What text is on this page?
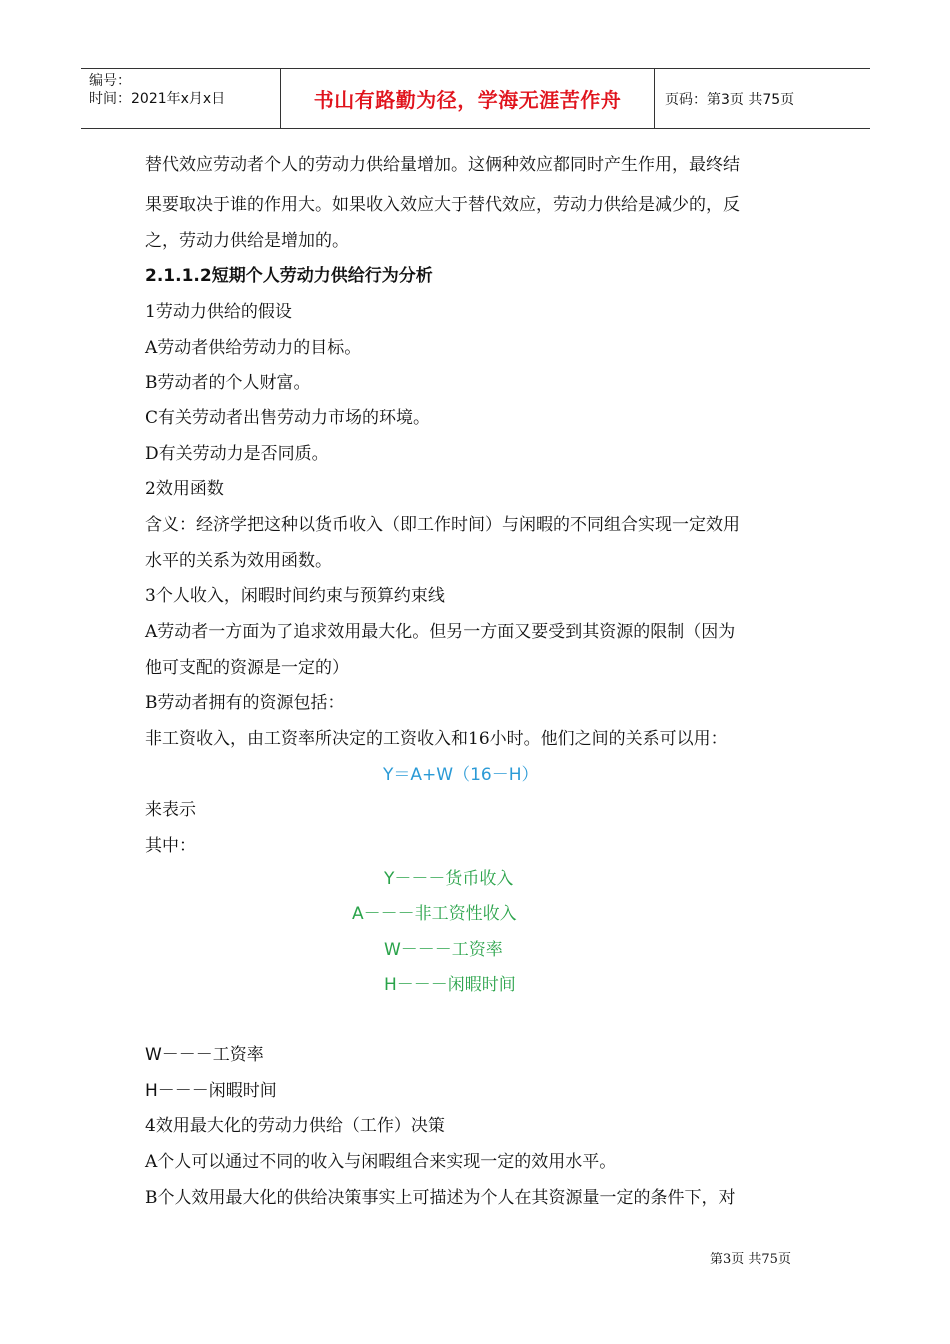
编号：
时间：2021年x月x日	书山有路勤为径，学海无涯苦作舟	页码：第3页 共75页
替代效应劳动者个人的劳动力供给量增加。这俩种效应都同时产生作用，最终结
果要取决于谁的作用大。如果收入效应大于替代效应，劳动力供给是减少的，反
之，劳动力供给是增加的。
2.1.1.2短期个人劳动力供给行为分析
1劳动力供给的假设
A劳动者供给劳动力的目标。
B劳动者的个人财富。
C有关劳动者出售劳动力市场的环境。
D有关劳动力是否同质。
2效用函数
含义：经济学把这种以货币收入（即工作时间）与闲暇的不同组合实现一定效用
水平的关系为效用函数。
3个人收入，闲暇时间约束与预算约束线
A劳动者一方面为了追求效用最大化。但另一方面又要受到其资源的限制（因为
他可支配的资源是一定的）
B劳动者拥有的资源包括：
非工资收入，由工资率所决定的工资收入和16小时。他们之间的关系可以用：
Y＝A+W（16－H）
来表示
其中：
Y－－－货币收入
A－－－非工资性收入
W－－－工资率
H－－－闲暇时间
W－－－工资率
H－－－闲暇时间
4效用最大化的劳动力供给（工作）决策
A个人可以通过不同的收入与闲暇组合来实现一定的效用水平。
B个人效用最大化的供给决策事实上可描述为个人在其资源量一定的条件下，对
第3页 共75页
